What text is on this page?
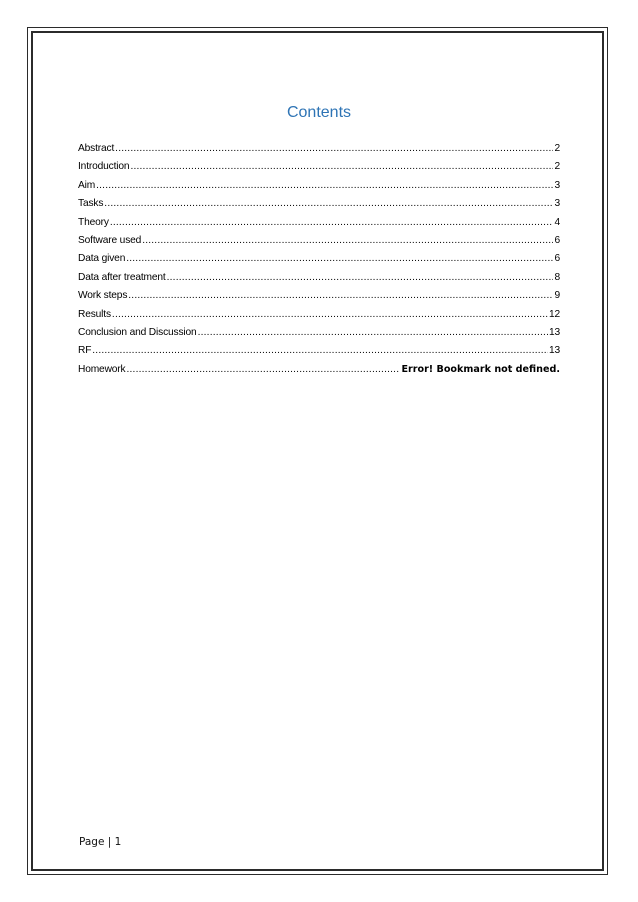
Contents
Abstract .....	2
Introduction .....	2
Aim .....	3
Tasks .....	3
Theory .....	4
Software used .....	6
Data given .....	6
Data after treatment .....	8
Work steps .....	9
Results .....	12
Conclusion and Discussion .....	13
RF .....	13
Homework .....	Error! Bookmark not defined.
Page | 1
